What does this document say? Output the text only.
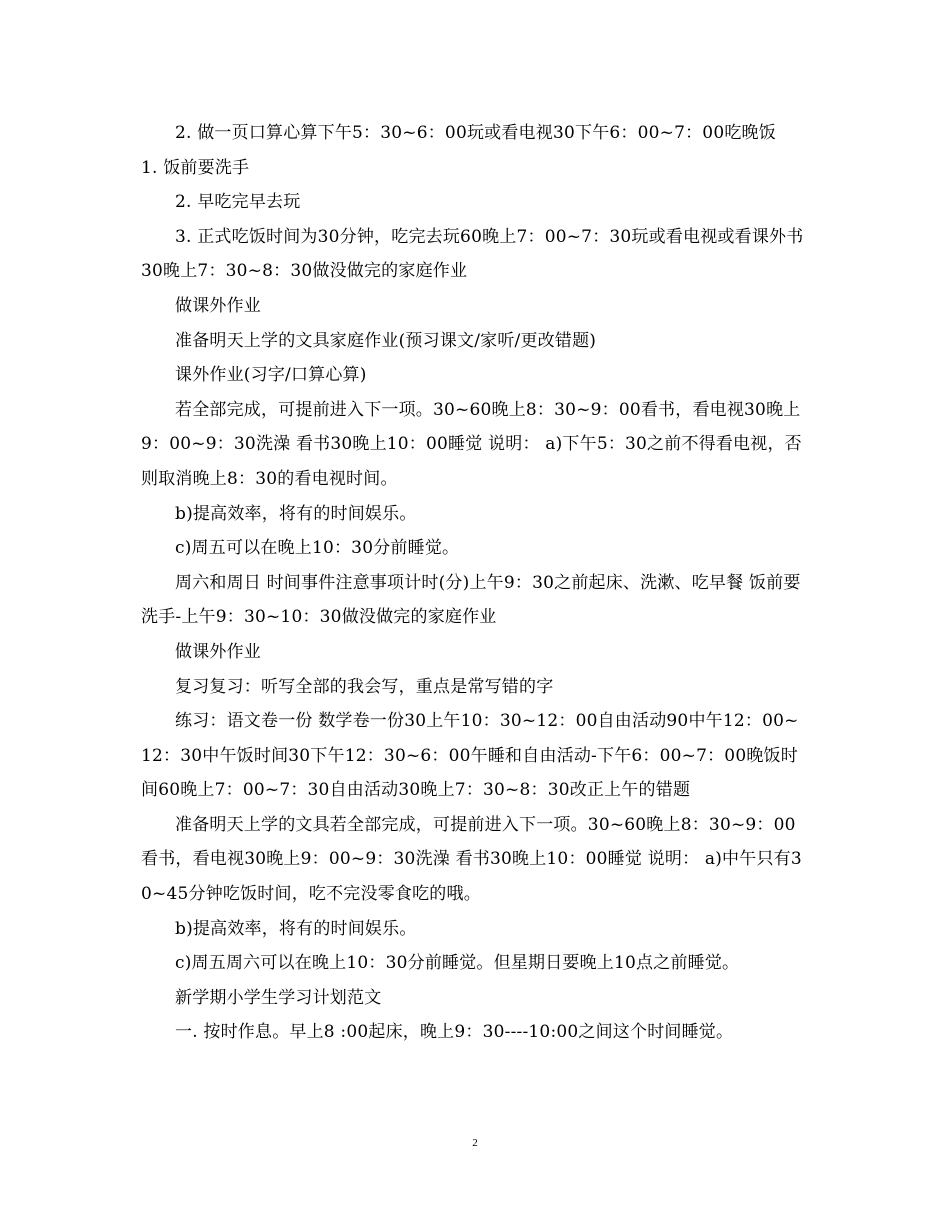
2. 做一页口算心算下午5：30~6：00玩或看电视30下午6：00~7：00吃晚饭

1. 饭前要洗手

2. 早吃完早去玩

3. 正式吃饭时间为30分钟，吃完去玩60晚上7：00~7：30玩或看电视或看课外书30晚上7：30~8：30做没做完的家庭作业

做课外作业

准备明天上学的文具家庭作业(预习课文/家听/更改错题)

课外作业(习字/口算心算)

若全部完成，可提前进入下一项。30~60晚上8：30~9：00看书，看电视30晚上9：00~9：30洗澡 看书30晚上10：00睡觉 说明： a)下午5：30之前不得看电视，否则取消晚上8：30的看电视时间。

b)提高效率，将有的时间娱乐。

c)周五可以在晚上10：30分前睡觉。

周六和周日 时间事件注意事项计时(分)上午9：30之前起床、洗漱、吃早餐 饭前要洗手-上午9：30~10：30做没做完的家庭作业

做课外作业

复习复习：听写全部的我会写，重点是常写错的字

练习：语文卷一份 数学卷一份30上午10：30~12：00自由活动90中午12：00~12：30中午饭时间30下午12：30~6：00午睡和自由活动-下午6：00~7：00晚饭时间60晚上7：00~7：30自由活动30晚上7：30~8：30改正上午的错题

准备明天上学的文具若全部完成，可提前进入下一项。30~60晚上8：30~9：00看书，看电视30晚上9：00~9：30洗澡 看书30晚上10：00睡觉 说明： a)中午只有30~45分钟吃饭时间，吃不完没零食吃的哦。

b)提高效率，将有的时间娱乐。

c)周五周六可以在晚上10：30分前睡觉。但星期日要晚上10点之前睡觉。

新学期小学生学习计划范文

一. 按时作息。早上8 :00起床，晚上9：30----10:00之间这个时间睡觉。

2
